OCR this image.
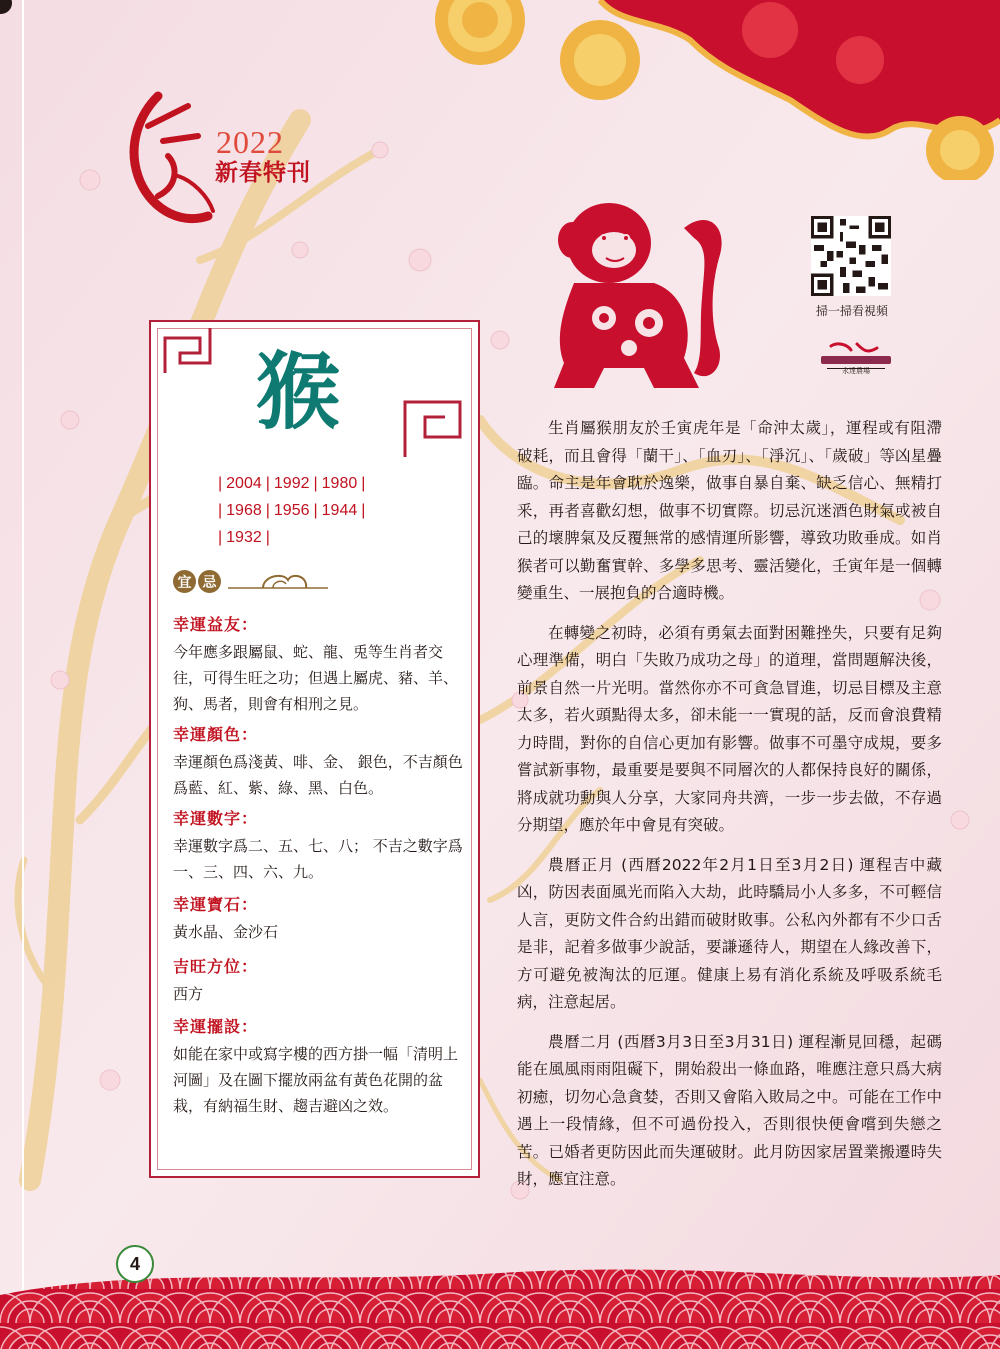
2022
新春特刊
猴
| 2004 | 1992 | 1980 |
| 1968 | 1956 | 1944 |
| 1932 |
宜 忌
幸運益友：

今年應多跟屬鼠、蛇、龍、兎等生肖者交往，可得生旺之功；但遇上屬虎、豬、羊、狗、馬者，則會有相刑之見。

幸運顏色：

幸運顏色爲淺黃、啡、金、 銀色，不吉顏色爲藍、紅、紫、綠、黑、白色。

幸運數字：

幸運數字爲二、五、七、八； 不吉之數字爲一、三、四、六、九。

幸運寶石：

黃水晶、金沙石

吉旺方位：

西方

幸運擺設：

如能在家中或寫字樓的西方掛一幅「清明上河圖」及在圖下擺放兩盆有黃色花開的盆栽，有納福生財、趨吉避凶之效。

掃一掃看視頻
永達農場

生肖屬猴朋友於壬寅虎年是「命沖太歲」，運程或有阻滯破耗，而且會得「蘭干」、「血刃」、「淨沉」、「歲破」等凶星疊臨。命主是年會耽於逸樂，做事自暴自棄、缺乏信心、無精打釆，再者喜歡幻想，做事不切實際。切忌沉迷酒色財氣或被自己的壞脾氣及反覆無常的感情運所影響，導致功敗垂成。如肖猴者可以勤奮實幹、多學多思考、靈活變化，壬寅年是一個轉變重生、一展抱負的合適時機。

在轉變之初時，必須有勇氣去面對困難挫失，只要有足夠心理準備，明白「失敗乃成功之母」的道理，當問題解決後，前景自然一片光明。當然你亦不可貪急冒進，切忌目標及主意太多，若火頭點得太多，卻未能一一實現的話，反而會浪費精力時間，對你的自信心更加有影響。做事不可墨守成規，要多嘗試新事物，最重要是要與不同層次的人都保持良好的關係，將成就功勳與人分享，大家同舟共濟，一步一步去做，不存過分期望，應於年中會見有突破。

農曆正月 (西曆2022年2月1日至3月2日) 運程吉中藏凶，防因表面風光而陷入大劫，此時驕局小人多多，不可輕信人言，更防文件合約出錯而破財敗事。公私內外都有不少口舌是非，記着多做事少說話，要謙遜待人，期望在人緣改善下，方可避免被淘汰的厄運。健康上易有消化系統及呼吸系統毛病，注意起居。

農曆二月 (西曆3月3日至3月31日) 運程漸見回穩，起碼能在風風雨雨阻礙下，開始殺出一條血路，唯應注意只爲大病初癒，切勿心急貪婪，否則又會陷入敗局之中。可能在工作中遇上一段情緣，但不可過份投入，否則很快便會嚐到失戀之苦。已婚者更防因此而失運破財。此月防因家居置業搬遷時失財，應宜注意。

4
